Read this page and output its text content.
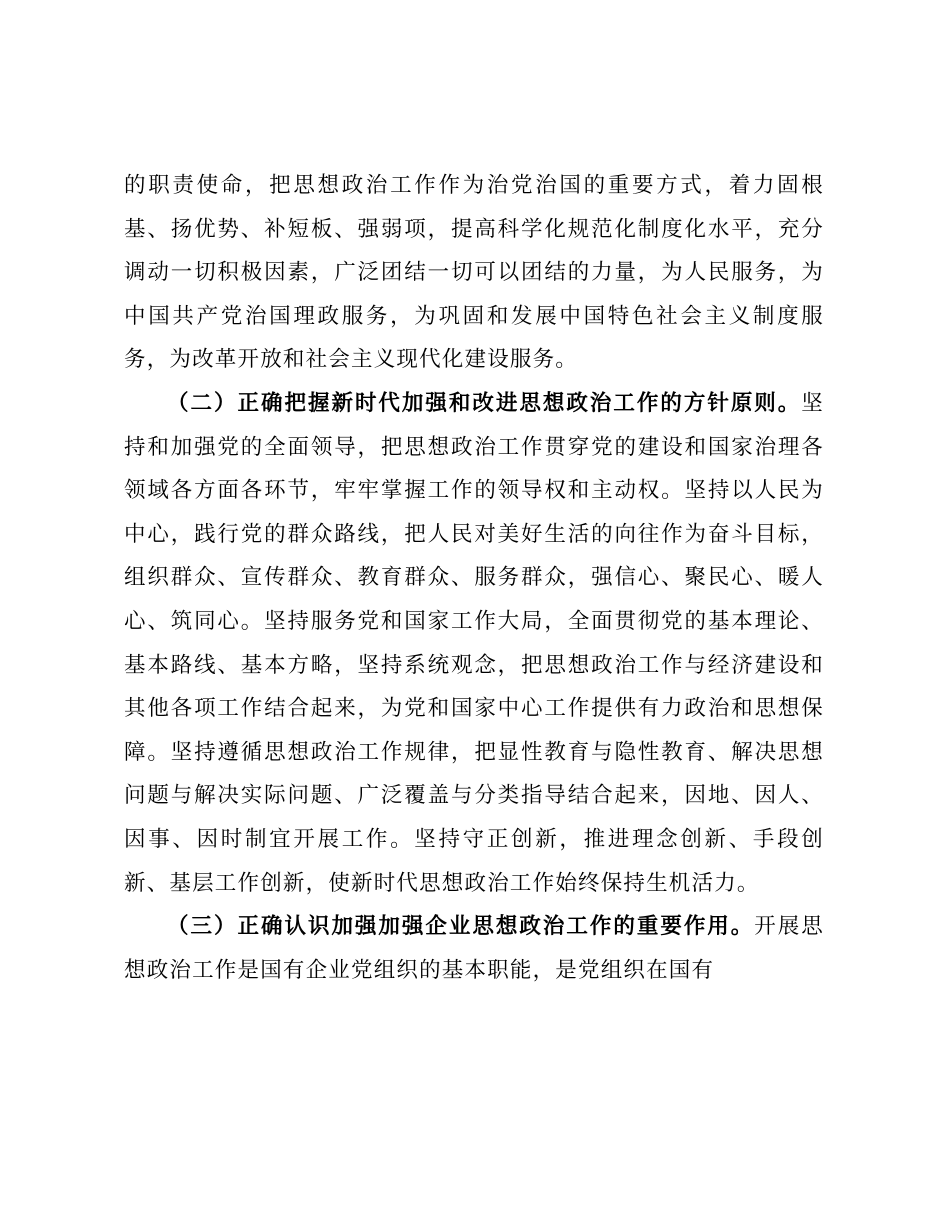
的职责使命，把思想政治工作作为治党治国的重要方式，着力固根基、扬优势、补短板、强弱项，提高科学化规范化制度化水平，充分调动一切积极因素，广泛团结一切可以团结的力量，为人民服务，为中国共产党治国理政服务，为巩固和发展中国特色社会主义制度服务，为改革开放和社会主义现代化建设服务。

（二）正确把握新时代加强和改进思想政治工作的方针原则。坚持和加强党的全面领导，把思想政治工作贯穿党的建设和国家治理各领域各方面各环节，牢牢掌握工作的领导权和主动权。坚持以人民为中心，践行党的群众路线，把人民对美好生活的向往作为奋斗目标，组织群众、宣传群众、教育群众、服务群众，强信心、聚民心、暖人心、筑同心。坚持服务党和国家工作大局，全面贯彻党的基本理论、基本路线、基本方略，坚持系统观念，把思想政治工作与经济建设和其他各项工作结合起来，为党和国家中心工作提供有力政治和思想保障。坚持遵循思想政治工作规律，把显性教育与隐性教育、解决思想问题与解决实际问题、广泛覆盖与分类指导结合起来，因地、因人、因事、因时制宜开展工作。坚持守正创新，推进理念创新、手段创新、基层工作创新，使新时代思想政治工作始终保持生机活力。

（三）正确认识加强加强企业思想政治工作的重要作用。开展思想政治工作是国有企业党组织的基本职能，是党组织在国有
